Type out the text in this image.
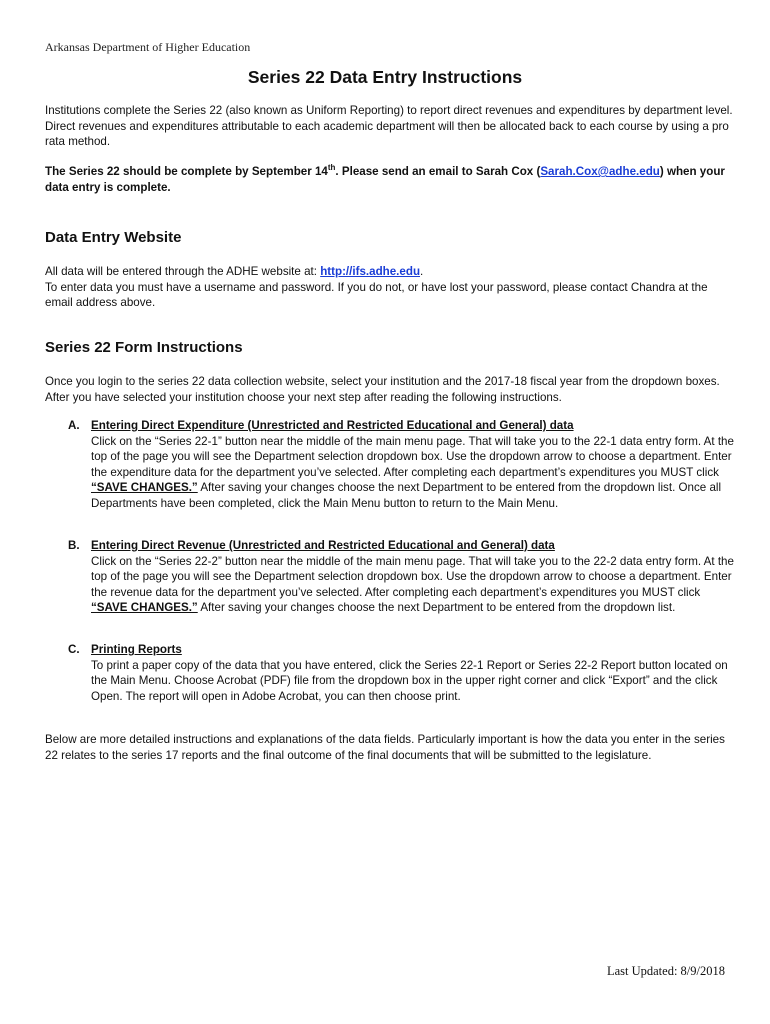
Arkansas Department of Higher Education
Series 22 Data Entry Instructions

Institutions complete the Series 22 (also known as Uniform Reporting) to report direct revenues and expenditures by department level. Direct revenues and expenditures attributable to each academic department will then be allocated back to each course by using a pro rata method.

The Series 22 should be complete by September 14th. Please send an email to Sarah Cox (Sarah.Cox@adhe.edu) when your data entry is complete.

Data Entry Website

All data will be entered through the ADHE website at: http://ifs.adhe.edu.
To enter data you must have a username and password. If you do not, or have lost your password, please contact Chandra at the email address above.

Series 22 Form Instructions

Once you login to the series 22 data collection website, select your institution and the 2017-18 fiscal year from the dropdown boxes. After you have selected your institution choose your next step after reading the following instructions.

A. Entering Direct Expenditure (Unrestricted and Restricted Educational and General) data
Click on the “Series 22-1” button near the middle of the main menu page. That will take you to the 22-1 data entry form. At the top of the page you will see the Department selection dropdown box. Use the dropdown arrow to choose a department. Enter the expenditure data for the department you’ve selected. After completing each department’s expenditures you MUST click “SAVE CHANGES.” After saving your changes choose the next Department to be entered from the dropdown list. Once all Departments have been completed, click the Main Menu button to return to the Main Menu.
B. Entering Direct Revenue (Unrestricted and Restricted Educational and General) data
Click on the “Series 22-2” button near the middle of the main menu page. That will take you to the 22-2 data entry form. At the top of the page you will see the Department selection dropdown box. Use the dropdown arrow to choose a department. Enter the revenue data for the department you’ve selected. After completing each department’s expenditures you MUST click “SAVE CHANGES.” After saving your changes choose the next Department to be entered from the dropdown list.
C. Printing Reports
To print a paper copy of the data that you have entered, click the Series 22-1 Report or Series 22-2 Report button located on the Main Menu. Choose Acrobat (PDF) file from the dropdown box in the upper right corner and click “Export” and the click Open. The report will open in Adobe Acrobat, you can then choose print.

Below are more detailed instructions and explanations of the data fields. Particularly important is how the data you enter in the series 22 relates to the series 17 reports and the final outcome of the final documents that will be submitted to the legislature.

Last Updated: 8/9/2018
